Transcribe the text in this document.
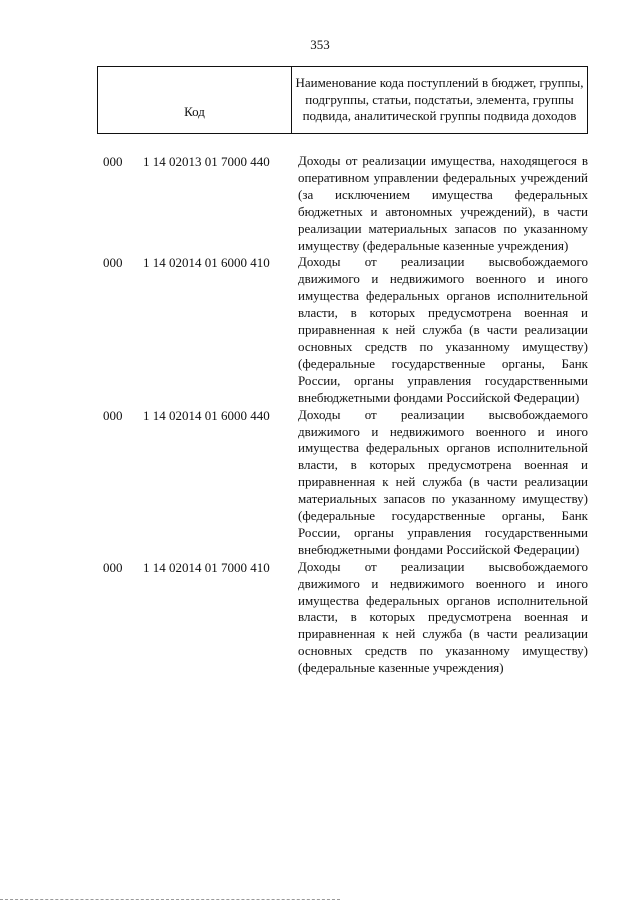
353
Код	Наименование кода поступлений в бюджет, группы, подгруппы, статьи, подстатьи, элемента, группы подвида, аналитической группы подвида доходов
000 1 14 02013 01 7000 440 Доходы от реализации имущества, находящегося в оперативном управлении федеральных учреждений (за исключением имущества федеральных бюджетных и автономных учреждений), в части реализации материальных запасов по указанному имуществу (федеральные казенные учреждения)
000 1 14 02014 01 6000 410 Доходы от реализации высвобождаемого движимого и недвижимого военного и иного имущества федеральных органов исполнительной власти, в которых предусмотрена военная и приравненная к ней служба (в части реализации основных средств по указанному имуществу) (федеральные государственные органы, Банк России, органы управления государственными внебюджетными фондами Российской Федерации)
000 1 14 02014 01 6000 440 Доходы от реализации высвобождаемого движимого и недвижимого военного и иного имущества федеральных органов исполнительной власти, в которых предусмотрена военная и приравненная к ней служба (в части реализации материальных запасов по указанному имуществу) (федеральные государственные органы, Банк России, органы управления государственными внебюджетными фондами Российской Федерации)
000 1 14 02014 01 7000 410 Доходы от реализации высвобождаемого движимого и недвижимого военного и иного имущества федеральных органов исполнительной власти, в которых предусмотрена военная и приравненная к ней служба (в части реализации основных средств по указанному имуществу) (федеральные казенные учреждения)
